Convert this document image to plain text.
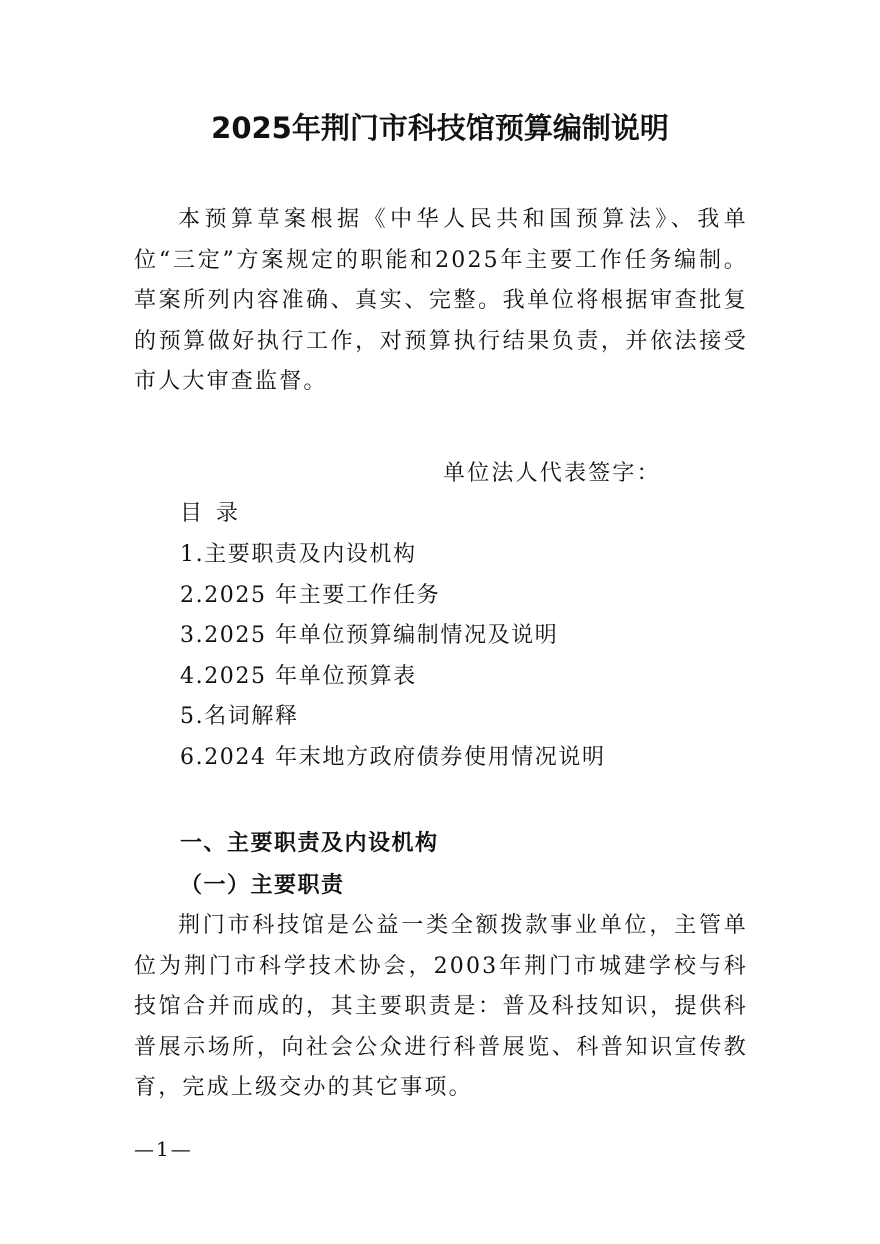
2025年荆门市科技馆预算编制说明

本预算草案根据《中华人民共和国预算法》、我单位“三定”方案规定的职能和2025年主要工作任务编制。草案所列内容准确、真实、完整。我单位将根据审查批复的预算做好执行工作，对预算执行结果负责，并依法接受市人大审查监督。

单位法人代表签字：

目录

1.主要职责及内设机构
2.2025 年主要工作任务
3.2025 年单位预算编制情况及说明
4.2025 年单位预算表
5.名词解释
6.2024 年末地方政府债券使用情况说明
一、主要职责及内设机构
（一）主要职责

荆门市科技馆是公益一类全额拨款事业单位，主管单位为荆门市科学技术协会，2003年荆门市城建学校与科技馆合并而成的，其主要职责是：普及科技知识，提供科普展示场所，向社会公众进行科普展览、科普知识宣传教育，完成上级交办的其它事项。

—1—
